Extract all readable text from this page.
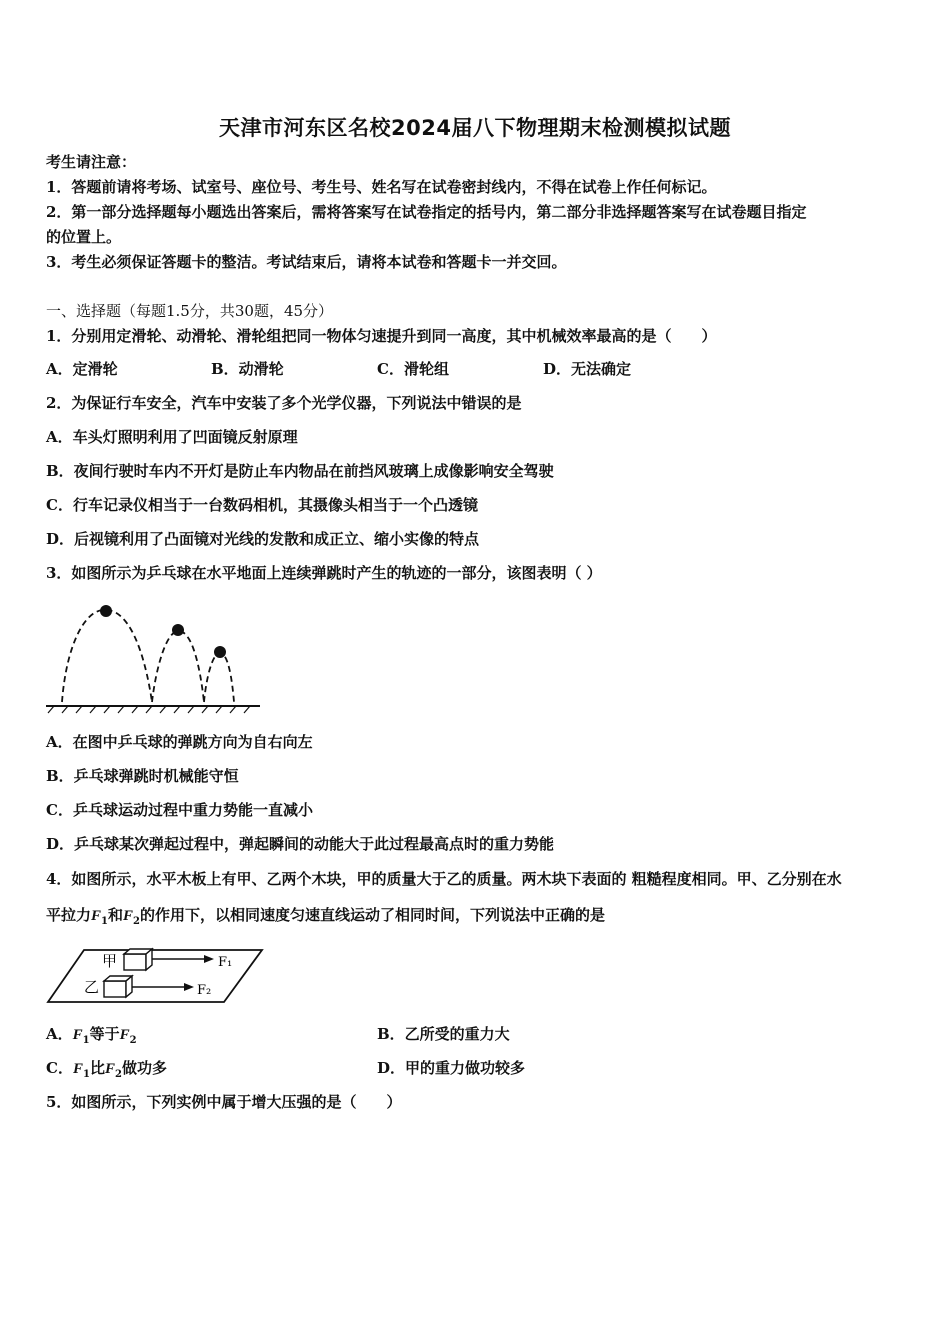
天津市河东区名校2024届八下物理期末检测模拟试题
考生请注意：
1．答题前请将考场、试室号、座位号、考生号、姓名写在试卷密封线内，不得在试卷上作任何标记。
2．第一部分选择题每小题选出答案后，需将答案写在试卷指定的括号内，第二部分非选择题答案写在试卷题目指定
的位置上。
3．考生必须保证答题卡的整洁。考试结束后，请将本试卷和答题卡一并交回。
一、选择题（每题1.5分，共30题，45分）
1．分别用定滑轮、动滑轮、滑轮组把同一物体匀速提升到同一高度，其中机械效率最高的是（　　）
A．定滑轮	B．动滑轮	C．滑轮组	D．无法确定
2．为保证行车安全，汽车中安装了多个光学仪器，下列说法中错误的是
A．车头灯照明利用了凹面镜反射原理
B．夜间行驶时车内不开灯是防止车内物品在前挡风玻璃上成像影响安全驾驶
C．行车记录仪相当于一台数码相机，其摄像头相当于一个凸透镜
D．后视镜利用了凸面镜对光线的发散和成正立、缩小实像的特点
3．如图所示为乒乓球在水平地面上连续弹跳时产生的轨迹的一部分，该图表明（ ）
A．在图中乒乓球的弹跳方向为自右向左
B．乒乓球弹跳时机械能守恒
C．乒乓球运动过程中重力势能一直减小
D．乒乓球某次弹起过程中，弹起瞬间的动能大于此过程最高点时的重力势能
4．如图所示，水平木板上有甲、乙两个木块，甲的质量大于乙的质量。两木块下表面的 粗糙程度相同。甲、乙分别在水
平拉力$F_1$和$F_2$的作用下，以相同速度匀速直线运动了相同时间，下列说法中正确的是
甲
乙
F₁
F₂
A．$F_1$等于$F_2$	B．乙所受的重力大
C．$F_1$比$F_2$做功多	D．甲的重力做功较多
5．如图所示，下列实例中属于增大压强的是（　　）
